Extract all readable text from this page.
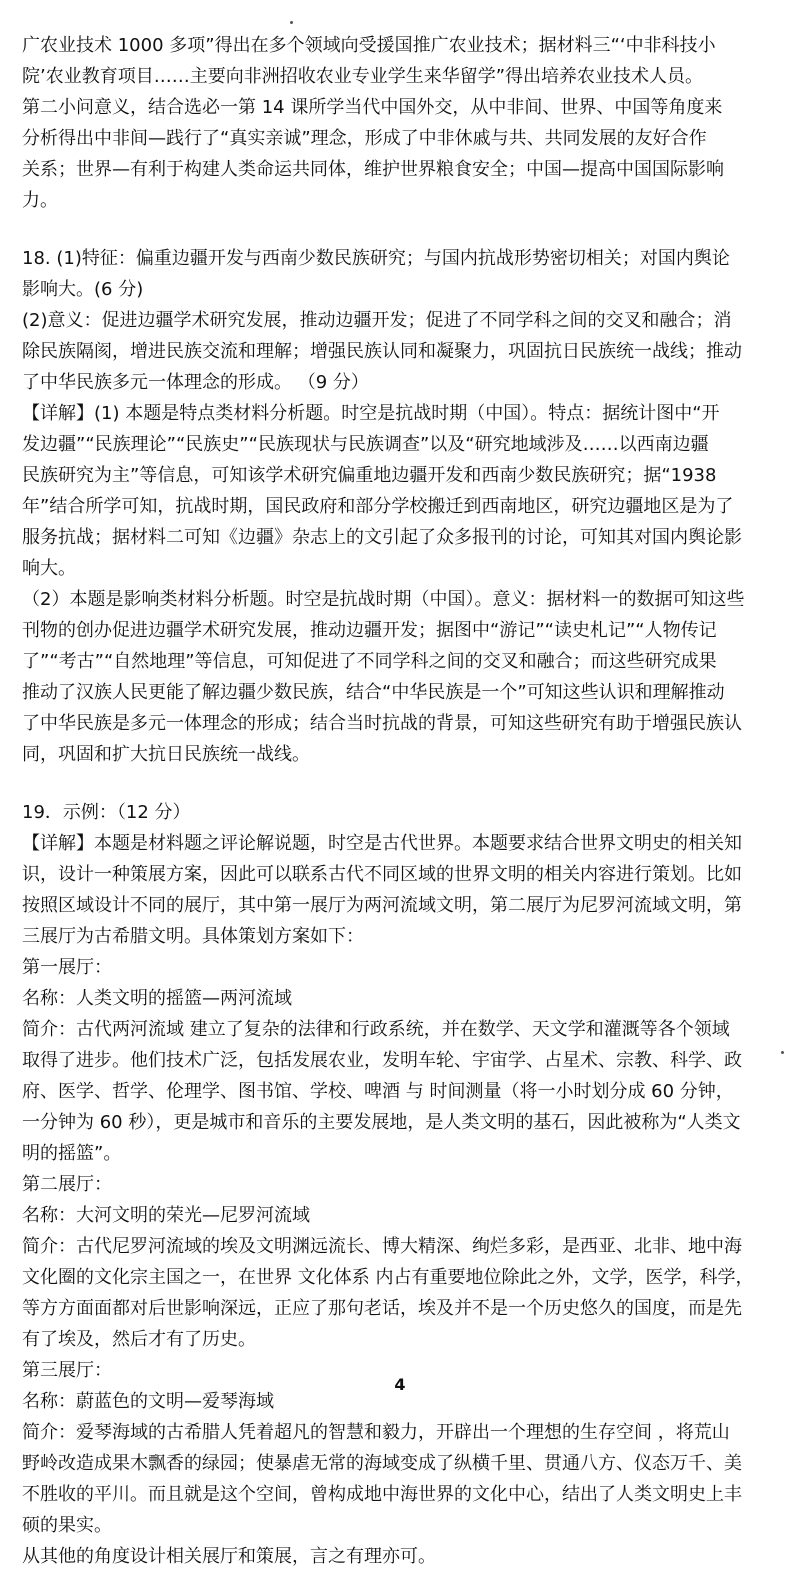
广农业技术 1000 多项”得出在多个领域向受援国推广农业技术；据材料三“‘中非科技小

院’农业教育项目……主要向非洲招收农业专业学生来华留学”得出培养农业技术人员。

第二小问意义，结合选必一第 14 课所学当代中国外交，从中非间、世界、中国等角度来

分析得出中非间—践行了“真实亲诚”理念，形成了中非休戚与共、共同发展的友好合作

关系；世界—有利于构建人类命运共同体，维护世界粮食安全；中国—提高中国国际影响

力。

18. (1)特征：偏重边疆开发与西南少数民族研究；与国内抗战形势密切相关；对国内舆论

影响大。(6 分)

(2)意义：促进边疆学术研究发展，推动边疆开发；促进了不同学科之间的交叉和融合；消

除民族隔阂，增进民族交流和理解；增强民族认同和凝聚力，巩固抗日民族统一战线；推动

了中华民族多元一体理念的形成。 （9 分）

【详解】(1) 本题是特点类材料分析题。时空是抗战时期（中国）。特点：据统计图中“开

发边疆”“民族理论”“民族史”“民族现状与民族调查”以及“研究地域涉及……以西南边疆

民族研究为主”等信息，可知该学术研究偏重地边疆开发和西南少数民族研究；据“1938

年”结合所学可知，抗战时期，国民政府和部分学校搬迁到西南地区，研究边疆地区是为了

服务抗战；据材料二可知《边疆》杂志上的文引起了众多报刊的讨论，可知其对国内舆论影

响大。

（2）本题是影响类材料分析题。时空是抗战时期（中国）。意义：据材料一的数据可知这些

刊物的创办促进边疆学术研究发展，推动边疆开发；据图中“游记”“读史札记”“人物传记

了”“考古”“自然地理”等信息，可知促进了不同学科之间的交叉和融合；而这些研究成果

推动了汉族人民更能了解边疆少数民族，结合“中华民族是一个”可知这些认识和理解推动

了中华民族是多元一体理念的形成；结合当时抗战的背景，可知这些研究有助于增强民族认

同，巩固和扩大抗日民族统一战线。

19．示例：（12 分）

【详解】本题是材料题之评论解说题，时空是古代世界。本题要求结合世界文明史的相关知

识，设计一种策展方案，因此可以联系古代不同区域的世界文明的相关内容进行策划。比如

按照区域设计不同的展厅，其中第一展厅为两河流域文明，第二展厅为尼罗河流域文明，第

三展厅为古希腊文明。具体策划方案如下：

第一展厅：

名称：人类文明的摇篮—两河流域

简介：古代两河流域 建立了复杂的法律和行政系统，并在数学、天文学和灌溉等各个领域

取得了进步。他们技术广泛，包括发展农业，发明车轮、宇宙学、占星术、宗教、科学、政

府、医学、哲学、伦理学、图书馆、学校、啤酒 与 时间测量（将一小时划分成 60 分钟，

一分钟为 60 秒），更是城市和音乐的主要发展地，是人类文明的基石，因此被称为“人类文

明的摇篮”。

第二展厅：

名称：大河文明的荣光—尼罗河流域

简介：古代尼罗河流域的埃及文明渊远流长、博大精深、绚烂多彩，是西亚、北非、地中海

文化圈的文化宗主国之一，在世界 文化体系 内占有重要地位除此之外，文学，医学，科学，

等方方面面都对后世影响深远，正应了那句老话，埃及并不是一个历史悠久的国度，而是先

有了埃及，然后才有了历史。

第三展厅：

名称：蔚蓝色的文明—爱琴海域

简介：爱琴海域的古希腊人凭着超凡的智慧和毅力，开辟出一个理想的生存空间 ，将荒山

野岭改造成果木飘香的绿园；使暴虐无常的海域变成了纵横千里、贯通八方、仪态万千、美

不胜收的平川。而且就是这个空间，曾构成地中海世界的文化中心，结出了人类文明史上丰

硕的果实。

从其他的角度设计相关展厅和策展，言之有理亦可。

4
